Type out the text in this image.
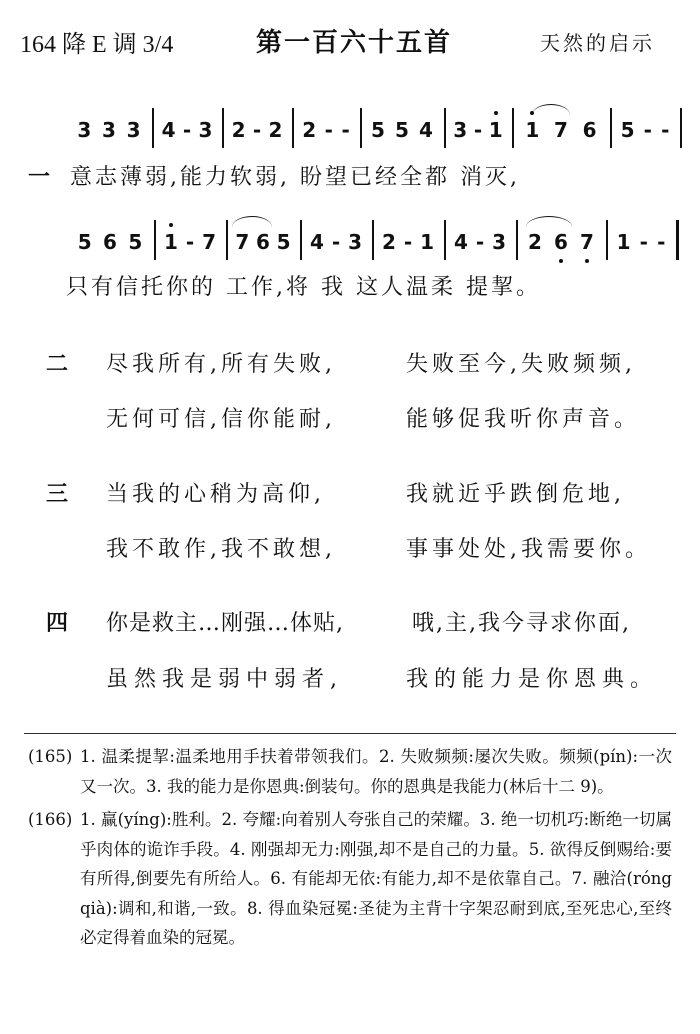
164 降 E 调 3/4	第一百六十五首	天然的启示
3 3 3 4 - 3 2 - 2 2 - - 5 5 4 3 - 1 1 7 6 5 - -
一 意志薄弱,能力软弱, 盼望已经全都 消灭,
5 6 5 1 - 7 7 6 5 4 - 3 2 - 1 4 - 3 2 6 7 1 - -
只有信托你的 工作,将 我 这人温柔 提挈。
二 尽我所有,所有失败,	失败至今,失败频频,
无何可信,信你能耐,	能够促我听你声音。
三 当我的心稍为高仰,	我就近乎跌倒危地,
我不敢作,我不敢想,	事事处处,我需要你。
四 你是救主…刚强…体贴,	哦,主,我今寻求你面,
虽然我是弱中弱者,	我的能力是你恩典。
(165) 1. 温柔提挈:温柔地用手扶着带领我们。2. 失败频频:屡次失败。频频(pín):一次又一次。3. 我的能力是你恩典:倒装句。你的恩典是我能力(林后十二 9)。
(166) 1. 赢(yíng):胜利。2. 夸耀:向着别人夸张自己的荣耀。3. 绝一切机巧:断绝一切属乎肉体的诡诈手段。4. 刚强却无力:刚强,却不是自己的力量。5. 欲得反倒赐给:要有所得,倒要先有所给人。6. 有能却无依:有能力,却不是依靠自己。7. 融洽(róng qià):调和,和谐,一致。8. 得血染冠冕:圣徒为主背十字架忍耐到底,至死忠心,至终必定得着血染的冠冕。
